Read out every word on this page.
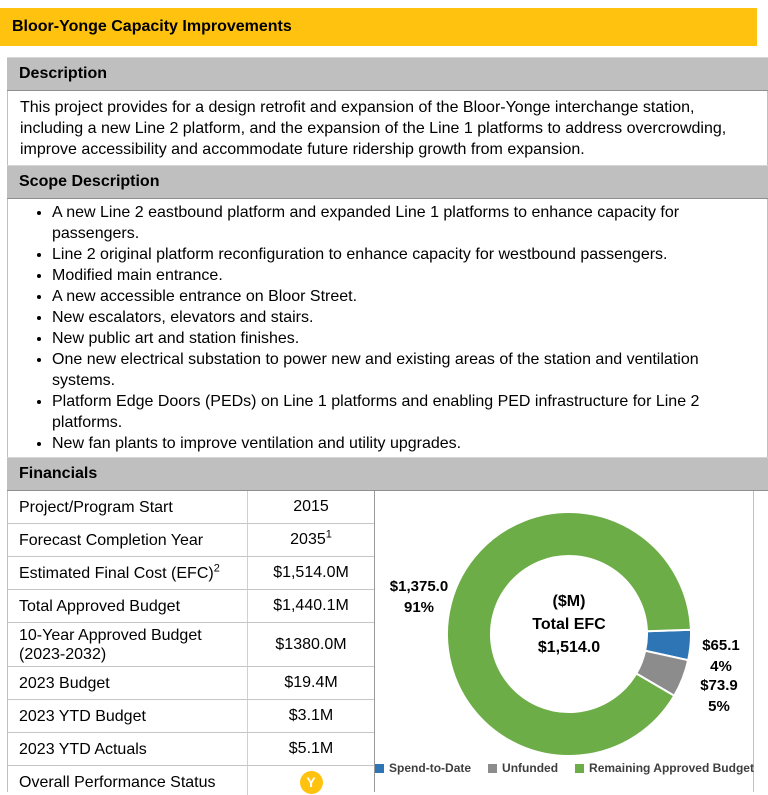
Bloor-Yonge Capacity Improvements
Description
This project provides for a design retrofit and expansion of the Bloor-Yonge interchange station, including a new Line 2 platform, and the expansion of the Line 1 platforms to address overcrowding, improve accessibility and accommodate future ridership growth from expansion.
Scope Description
• A new Line 2 eastbound platform and expanded Line 1 platforms to enhance capacity for passengers.
• Line 2 original platform reconfiguration to enhance capacity for westbound passengers.
• Modified main entrance.
• A new accessible entrance on Bloor Street.
• New escalators, elevators and stairs.
• New public art and station finishes.
• One new electrical substation to power new and existing areas of the station and ventilation systems.
• Platform Edge Doors (PEDs) on Line 1 platforms and enabling PED infrastructure for Line 2 platforms.
• New fan plants to improve ventilation and utility upgrades.
Financials
Project/Program Start	2015
Forecast Completion Year	2035$^1$
Estimated Final Cost (EFC)$^2$	$1,514.0M
Total Approved Budget	$1,440.1M
10-Year Approved Budget (2023-2032)
$1380.0M
2023 Budget	$19.4M
2023 YTD Budget	$3.1M
2023 YTD Actuals	$5.1M
Overall Performance Status	Y
$1,375.0
91%	($M)
Total EFC
$1,514.0	$65.1
4%
$73.9
5%
Spend-to-Date	Unfunded	Remaining Approved Budget
